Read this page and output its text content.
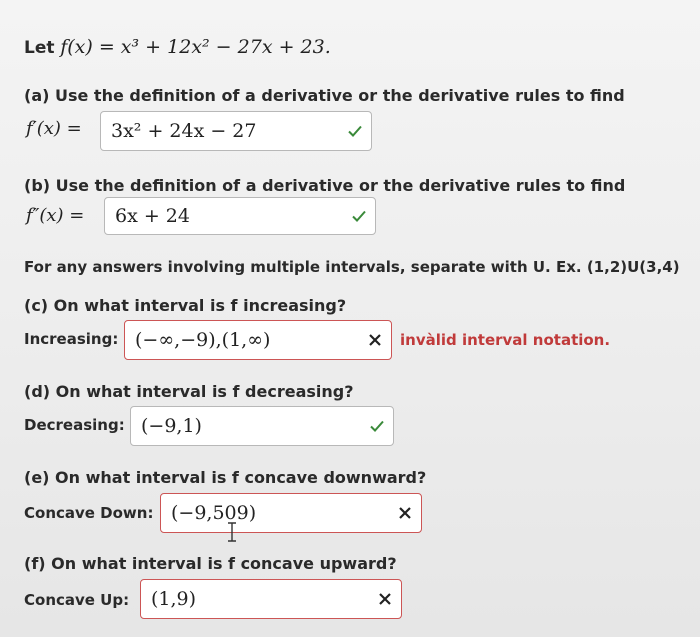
Let f(x) = x³ + 12x² − 27x + 23.
(a) Use the definition of a derivative or the derivative rules to find
f′(x) = 3x² + 24x − 27
(b) Use the definition of a derivative or the derivative rules to find
f″(x) = 6x + 24
For any answers involving multiple intervals, separate with U. Ex. (1,2)U(3,4)
(c) On what interval is f increasing?
Increasing: (−∞,−9),(1,∞)	invàlid interval notation.
(d) On what interval is f decreasing?
Decreasing: (−9,1)
(e) On what interval is f concave downward?
Concave Down: (−9,509)
(f) On what interval is f concave upward?
Concave Up: (1,9)
